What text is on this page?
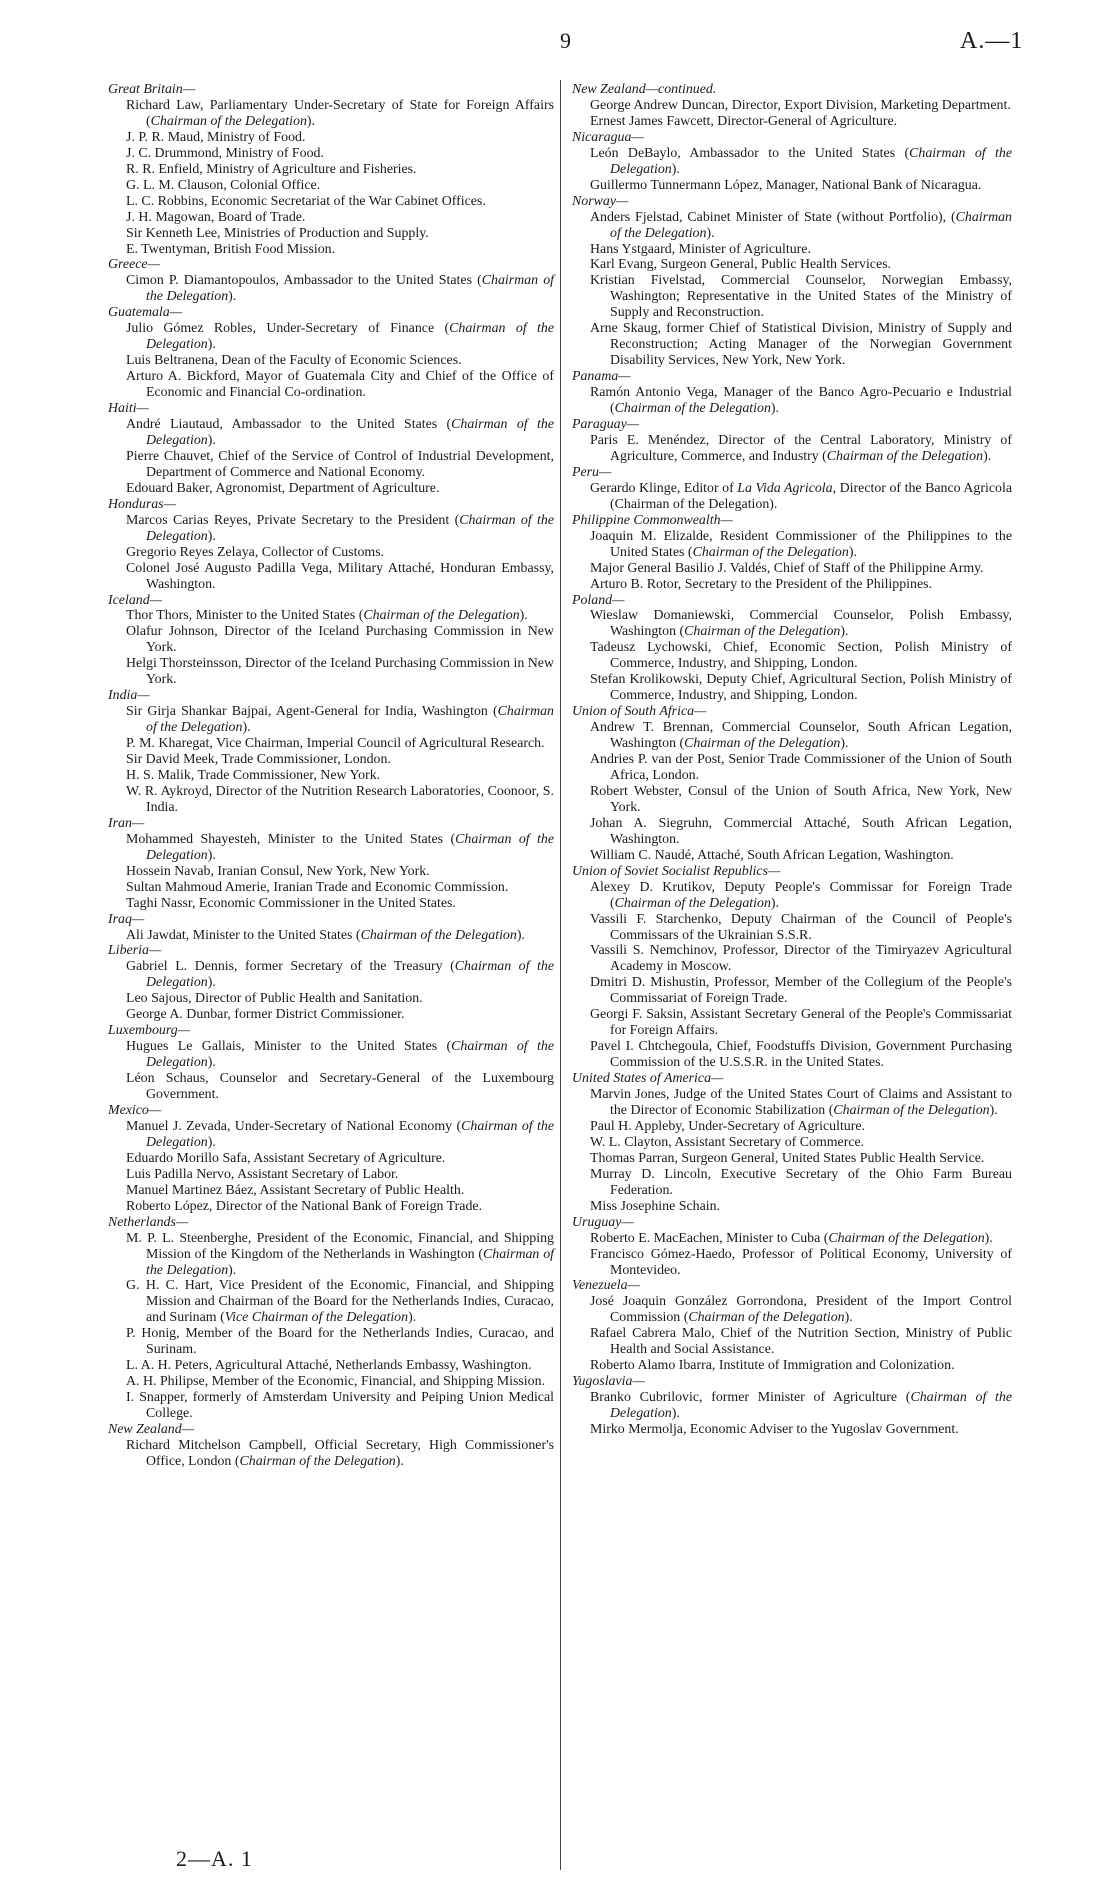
9	A.—1

Great Britain—

Richard Law, Parliamentary Under-Secretary of State for Foreign Affairs (Chairman of the Delegation).

J. P. R. Maud, Ministry of Food.

J. C. Drummond, Ministry of Food.

R. R. Enfield, Ministry of Agriculture and Fisheries.

G. L. M. Clauson, Colonial Office.

L. C. Robbins, Economic Secretariat of the War Cabinet Offices.

J. H. Magowan, Board of Trade.

Sir Kenneth Lee, Ministries of Production and Supply.

E. Twentyman, British Food Mission.

Greece—

Cimon P. Diamantopoulos, Ambassador to the United States (Chairman of the Delegation).

Guatemala—

Julio Gómez Robles, Under-Secretary of Finance (Chairman of the Delegation).

Luis Beltranena, Dean of the Faculty of Economic Sciences.

Arturo A. Bickford, Mayor of Guatemala City and Chief of the Office of Economic and Financial Co-ordination.

Haiti—

André Liautaud, Ambassador to the United States (Chairman of the Delegation).

Pierre Chauvet, Chief of the Service of Control of Industrial Development, Department of Commerce and National Economy.

Edouard Baker, Agronomist, Department of Agriculture.

Honduras—

Marcos Carias Reyes, Private Secretary to the President (Chairman of the Delegation).

Gregorio Reyes Zelaya, Collector of Customs.

Colonel José Augusto Padilla Vega, Military Attaché, Honduran Embassy, Washington.

Iceland—

Thor Thors, Minister to the United States (Chairman of the Delegation).

Olafur Johnson, Director of the Iceland Purchasing Commission in New York.

Helgi Thorsteinsson, Director of the Iceland Purchasing Commission in New York.

India—

Sir Girja Shankar Bajpai, Agent-General for India, Washington (Chairman of the Delegation).

P. M. Kharegat, Vice Chairman, Imperial Council of Agricultural Research.

Sir David Meek, Trade Commissioner, London.

H. S. Malik, Trade Commissioner, New York.

W. R. Aykroyd, Director of the Nutrition Research Laboratories, Coonoor, S. India.

Iran—

Mohammed Shayesteh, Minister to the United States (Chairman of the Delegation).

Hossein Navab, Iranian Consul, New York, New York.

Sultan Mahmoud Amerie, Iranian Trade and Economic Commission.

Taghi Nassr, Economic Commissioner in the United States.

Iraq—

Ali Jawdat, Minister to the United States (Chairman of the Delegation).

Liberia—

Gabriel L. Dennis, former Secretary of the Treasury (Chairman of the Delegation).

Leo Sajous, Director of Public Health and Sanitation.

George A. Dunbar, former District Commissioner.

Luxembourg—

Hugues Le Gallais, Minister to the United States (Chairman of the Delegation).

Léon Schaus, Counselor and Secretary-General of the Luxembourg Government.

Mexico—

Manuel J. Zevada, Under-Secretary of National Economy (Chairman of the Delegation).

Eduardo Morillo Safa, Assistant Secretary of Agriculture.

Luis Padilla Nervo, Assistant Secretary of Labor.

Manuel Martinez Báez, Assistant Secretary of Public Health.

Roberto López, Director of the National Bank of Foreign Trade.

Netherlands—

M. P. L. Steenberghe, President of the Economic, Financial, and Shipping Mission of the Kingdom of the Netherlands in Washington (Chairman of the Delegation).

G. H. C. Hart, Vice President of the Economic, Financial, and Shipping Mission and Chairman of the Board for the Netherlands Indies, Curacao, and Surinam (Vice Chairman of the Delegation).

P. Honig, Member of the Board for the Netherlands Indies, Curacao, and Surinam.

L. A. H. Peters, Agricultural Attaché, Netherlands Embassy, Washington.

A. H. Philipse, Member of the Economic, Financial, and Shipping Mission.

I. Snapper, formerly of Amsterdam University and Peiping Union Medical College.

New Zealand—

Richard Mitchelson Campbell, Official Secretary, High Commissioner's Office, London (Chairman of the Delegation).

New Zealand—continued.

George Andrew Duncan, Director, Export Division, Marketing Department.

Ernest James Fawcett, Director-General of Agriculture.

Nicaragua—

León DeBaylo, Ambassador to the United States (Chairman of the Delegation).

Guillermo Tunnermann López, Manager, National Bank of Nicaragua.

Norway—

Anders Fjelstad, Cabinet Minister of State (without Portfolio), (Chairman of the Delegation).

Hans Ystgaard, Minister of Agriculture.

Karl Evang, Surgeon General, Public Health Services.

Kristian Fivelstad, Commercial Counselor, Norwegian Embassy, Washington; Representative in the United States of the Ministry of Supply and Reconstruction.

Arne Skaug, former Chief of Statistical Division, Ministry of Supply and Reconstruction; Acting Manager of the Norwegian Government Disability Services, New York, New York.

Panama—

Ramón Antonio Vega, Manager of the Banco Agro-Pecuario e Industrial (Chairman of the Delegation).

Paraguay—

Paris E. Menéndez, Director of the Central Laboratory, Ministry of Agriculture, Commerce, and Industry (Chairman of the Delegation).

Peru—

Gerardo Klinge, Editor of La Vida Agricola, Director of the Banco Agricola (Chairman of the Delegation).

Philippine Commonwealth—

Joaquin M. Elizalde, Resident Commissioner of the Philippines to the United States (Chairman of the Delegation).

Major General Basilio J. Valdés, Chief of Staff of the Philippine Army.

Arturo B. Rotor, Secretary to the President of the Philippines.

Poland—

Wieslaw Domaniewski, Commercial Counselor, Polish Embassy, Washington (Chairman of the Delegation).

Tadeusz Lychowski, Chief, Economic Section, Polish Ministry of Commerce, Industry, and Shipping, London.

Stefan Krolikowski, Deputy Chief, Agricultural Section, Polish Ministry of Commerce, Industry, and Shipping, London.

Union of South Africa—

Andrew T. Brennan, Commercial Counselor, South African Legation, Washington (Chairman of the Delegation).

Andries P. van der Post, Senior Trade Commissioner of the Union of South Africa, London.

Robert Webster, Consul of the Union of South Africa, New York, New York.

Johan A. Siegruhn, Commercial Attaché, South African Legation, Washington.

William C. Naudé, Attaché, South African Legation, Washington.

Union of Soviet Socialist Republics—

Alexey D. Krutikov, Deputy People's Commissar for Foreign Trade (Chairman of the Delegation).

Vassili F. Starchenko, Deputy Chairman of the Council of People's Commissars of the Ukrainian S.S.R.

Vassili S. Nemchinov, Professor, Director of the Timiryazev Agricultural Academy in Moscow.

Dmitri D. Mishustin, Professor, Member of the Collegium of the People's Commissariat of Foreign Trade.

Georgi F. Saksin, Assistant Secretary General of the People's Commissariat for Foreign Affairs.

Pavel I. Chtchegoula, Chief, Foodstuffs Division, Government Purchasing Commission of the U.S.S.R. in the United States.

United States of America—

Marvin Jones, Judge of the United States Court of Claims and Assistant to the Director of Economic Stabilization (Chairman of the Delegation).

Paul H. Appleby, Under-Secretary of Agriculture.

W. L. Clayton, Assistant Secretary of Commerce.

Thomas Parran, Surgeon General, United States Public Health Service.

Murray D. Lincoln, Executive Secretary of the Ohio Farm Bureau Federation.

Miss Josephine Schain.

Uruguay—

Roberto E. MacEachen, Minister to Cuba (Chairman of the Delegation).

Francisco Gómez-Haedo, Professor of Political Economy, University of Montevideo.

Venezuela—

José Joaquin González Gorrondona, President of the Import Control Commission (Chairman of the Delegation).

Rafael Cabrera Malo, Chief of the Nutrition Section, Ministry of Public Health and Social Assistance.

Roberto Alamo Ibarra, Institute of Immigration and Colonization.

Yugoslavia—

Branko Cubrilovic, former Minister of Agriculture (Chairman of the Delegation).

Mirko Mermolja, Economic Adviser to the Yugoslav Government.

2—A. 1
